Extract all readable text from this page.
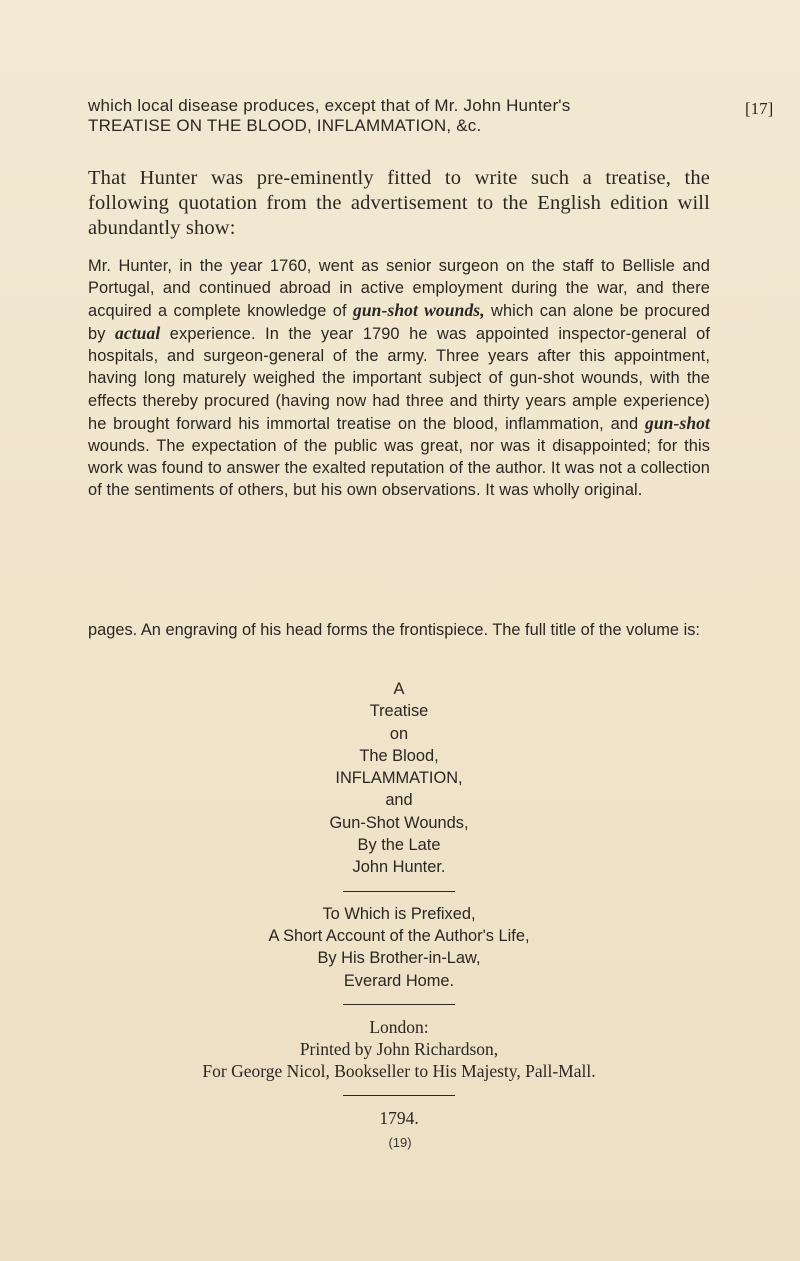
which local disease produces, except that of Mr. John Hunter's
TREATISE ON THE BLOOD, INFLAMMATION, &c.
[17]

That Hunter was pre-eminently fitted to write such a treatise, the following quotation from the advertisement to the English edition will abundantly show:

Mr. Hunter, in the year 1760, went as senior surgeon on the staff to Bellisle and Portugal, and continued abroad in active employment during the war, and there acquired a complete knowledge of gun-shot wounds, which can alone be procured by actual experience. In the year 1790 he was appointed inspector-general of hospitals, and surgeon-general of the army. Three years after this appointment, having long maturely weighed the important subject of gun-shot wounds, with the effects thereby procured (having now had three and thirty years ample experience) he brought forward his immortal treatise on the blood, inflammation, and gun-shot wounds. The expectation of the public was great, nor was it disappointed; for this work was found to answer the exalted reputation of the author. It was not a collection of the sentiments of others, but his own observations. It was wholly original.

pages. An engraving of his head forms the frontispiece. The full title of the volume is:

A
Treatise
on
The Blood,
INFLAMMATION,
and
Gun-Shot Wounds,
By the Late
John Hunter.
To Which is Prefixed,
A Short Account of the Author's Life,
By His Brother-in-Law,
Everard Home.
London:
Printed by John Richardson,
For George Nicol, Bookseller to His Majesty, Pall-Mall.
1794.
(19)
